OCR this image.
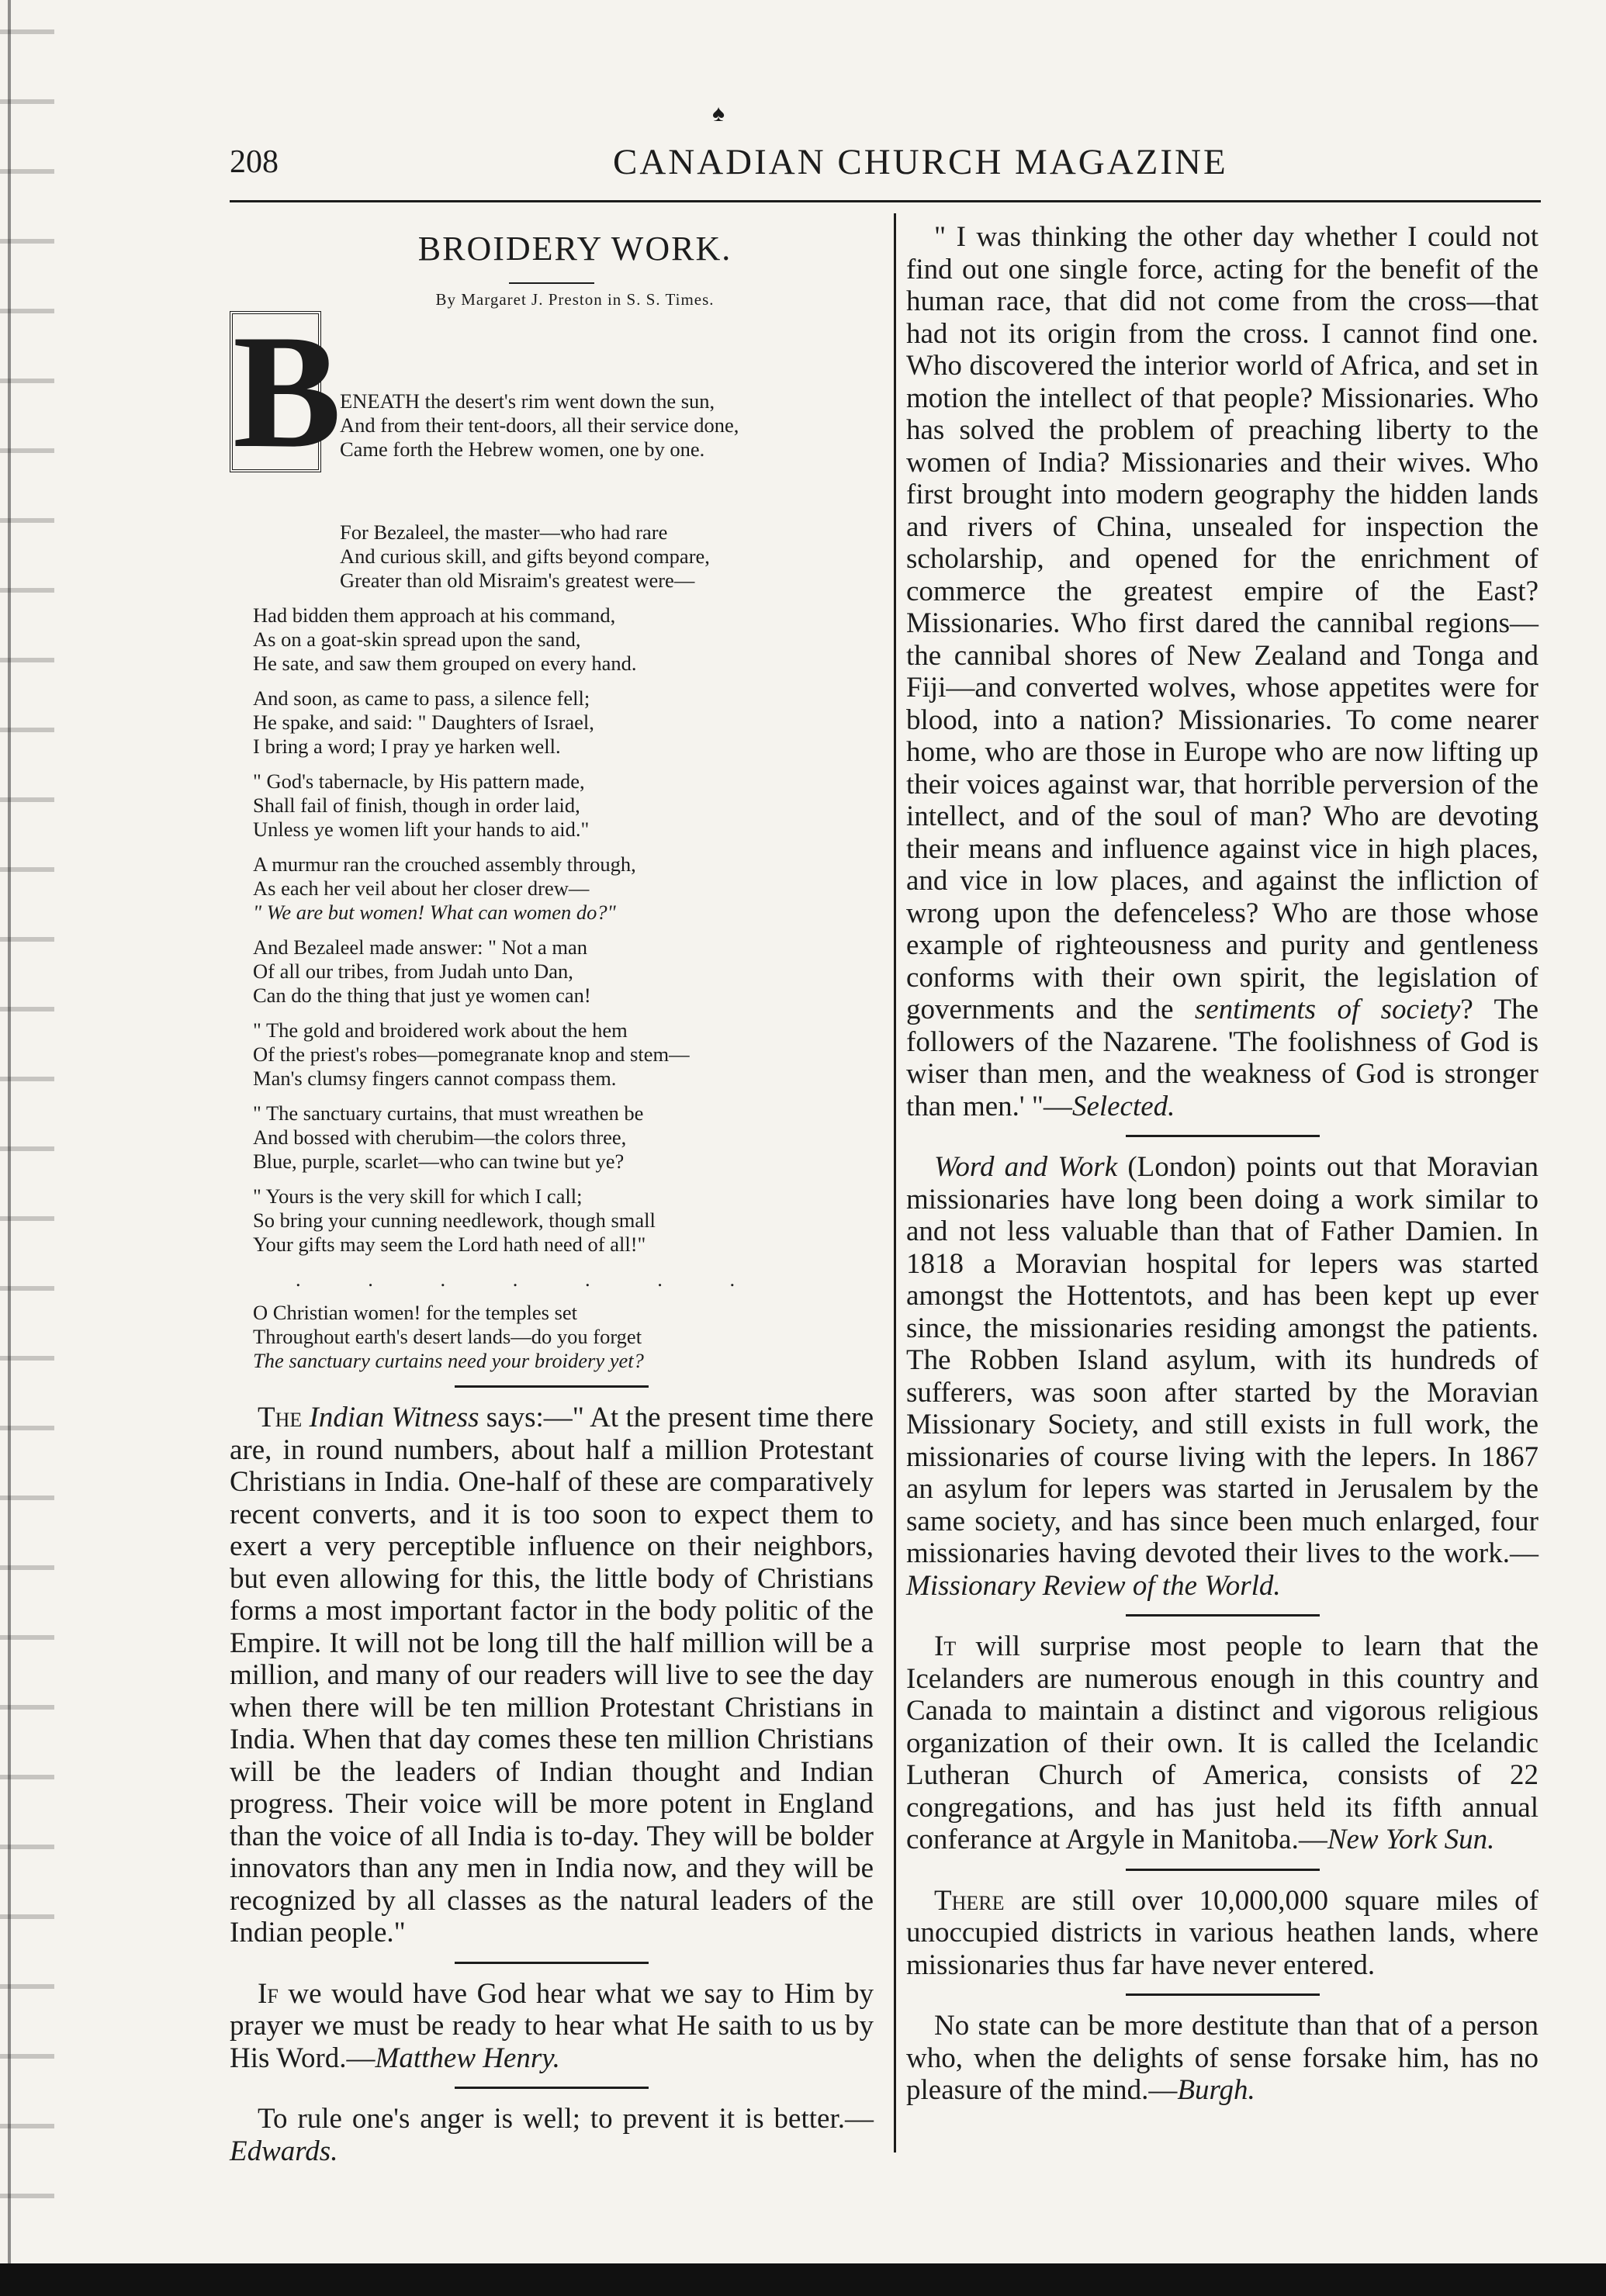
♠
208	CANADIAN CHURCH MAGAZINE
BROIDERY WORK.
By Margaret J. Preston in S. S. Times.

B

ENEATH the desert's rim went down the sun,
And from their tent-doors, all their service done,
Came forth the Hebrew women, one by one.

For Bezaleel, the master—who had rare
And curious skill, and gifts beyond compare,
Greater than old Misraim's greatest were—
Had bidden them approach at his command,
As on a goat-skin spread upon the sand,
He sate, and saw them grouped on every hand.
And soon, as came to pass, a silence fell;
He spake, and said: " Daughters of Israel,
I bring a word; I pray ye harken well.
" God's tabernacle, by His pattern made,
Shall fail of finish, though in order laid,
Unless ye women lift your hands to aid."
A murmur ran the crouched assembly through,
As each her veil about her closer drew—
" We are but women! What can women do?"
And Bezaleel made answer: " Not a man
Of all our tribes, from Judah unto Dan,
Can do the thing that just ye women can!
" The gold and broidered work about the hem
Of the priest's robes—pomegranate knop and stem—
Man's clumsy fingers cannot compass them.
" The sanctuary curtains, that must wreathen be
And bossed with cherubim—the colors three,
Blue, purple, scarlet—who can twine but ye?
" Yours is the very skill for which I call;
So bring your cunning needlework, though small
Your gifts may seem the Lord hath need of all!"
. . . . . . .
O Christian women! for the temples set
Throughout earth's desert lands—do you forget
The sanctuary curtains need your broidery yet?

The Indian Witness says:—" At the present time there are, in round numbers, about half a million Protestant Christians in India. One-half of these are comparatively recent converts, and it is too soon to expect them to exert a very perceptible influence on their neighbors, but even allowing for this, the little body of Christians forms a most important factor in the body politic of the Empire. It will not be long till the half million will be a million, and many of our readers will live to see the day when there will be ten million Protestant Christians in India. When that day comes these ten million Christians will be the leaders of Indian thought and Indian progress. Their voice will be more potent in England than the voice of all India is to-day. They will be bolder innovators than any men in India now, and they will be recognized by all classes as the natural leaders of the Indian people."

If we would have God hear what we say to Him by prayer we must be ready to hear what He saith to us by His Word.—Matthew Henry.

To rule one's anger is well; to prevent it is better.—Edwards.

" I was thinking the other day whether I could not find out one single force, acting for the benefit of the human race, that did not come from the cross—that had not its origin from the cross. I cannot find one. Who discovered the interior world of Africa, and set in motion the intellect of that people? Missionaries. Who has solved the problem of preaching liberty to the women of India? Missionaries and their wives. Who first brought into modern geography the hidden lands and rivers of China, unsealed for inspection the scholarship, and opened for the enrichment of commerce the greatest empire of the East? Missionaries. Who first dared the cannibal regions—the cannibal shores of New Zealand and Tonga and Fiji—and converted wolves, whose appetites were for blood, into a nation? Missionaries. To come nearer home, who are those in Europe who are now lifting up their voices against war, that horrible perversion of the intellect, and of the soul of man? Who are devoting their means and influence against vice in high places, and vice in low places, and against the infliction of wrong upon the defenceless? Who are those whose example of righteousness and purity and gentleness conforms with their own spirit, the legislation of governments and the sentiments of society? The followers of the Nazarene. 'The foolishness of God is wiser than men, and the weakness of God is stronger than men.' "—Selected.

Word and Work (London) points out that Moravian missionaries have long been doing a work similar to and not less valuable than that of Father Damien. In 1818 a Moravian hospital for lepers was started amongst the Hottentots, and has been kept up ever since, the missionaries residing amongst the patients. The Robben Island asylum, with its hundreds of sufferers, was soon after started by the Moravian Missionary Society, and still exists in full work, the missionaries of course living with the lepers. In 1867 an asylum for lepers was started in Jerusalem by the same society, and has since been much enlarged, four missionaries having devoted their lives to the work.—Missionary Review of the World.

It will surprise most people to learn that the Icelanders are numerous enough in this country and Canada to maintain a distinct and vigorous religious organization of their own. It is called the Icelandic Lutheran Church of America, consists of 22 congregations, and has just held its fifth annual conferance at Argyle in Manitoba.—New York Sun.

There are still over 10,000,000 square miles of unoccupied districts in various heathen lands, where missionaries thus far have never entered.

No state can be more destitute than that of a person who, when the delights of sense forsake him, has no pleasure of the mind.—Burgh.
